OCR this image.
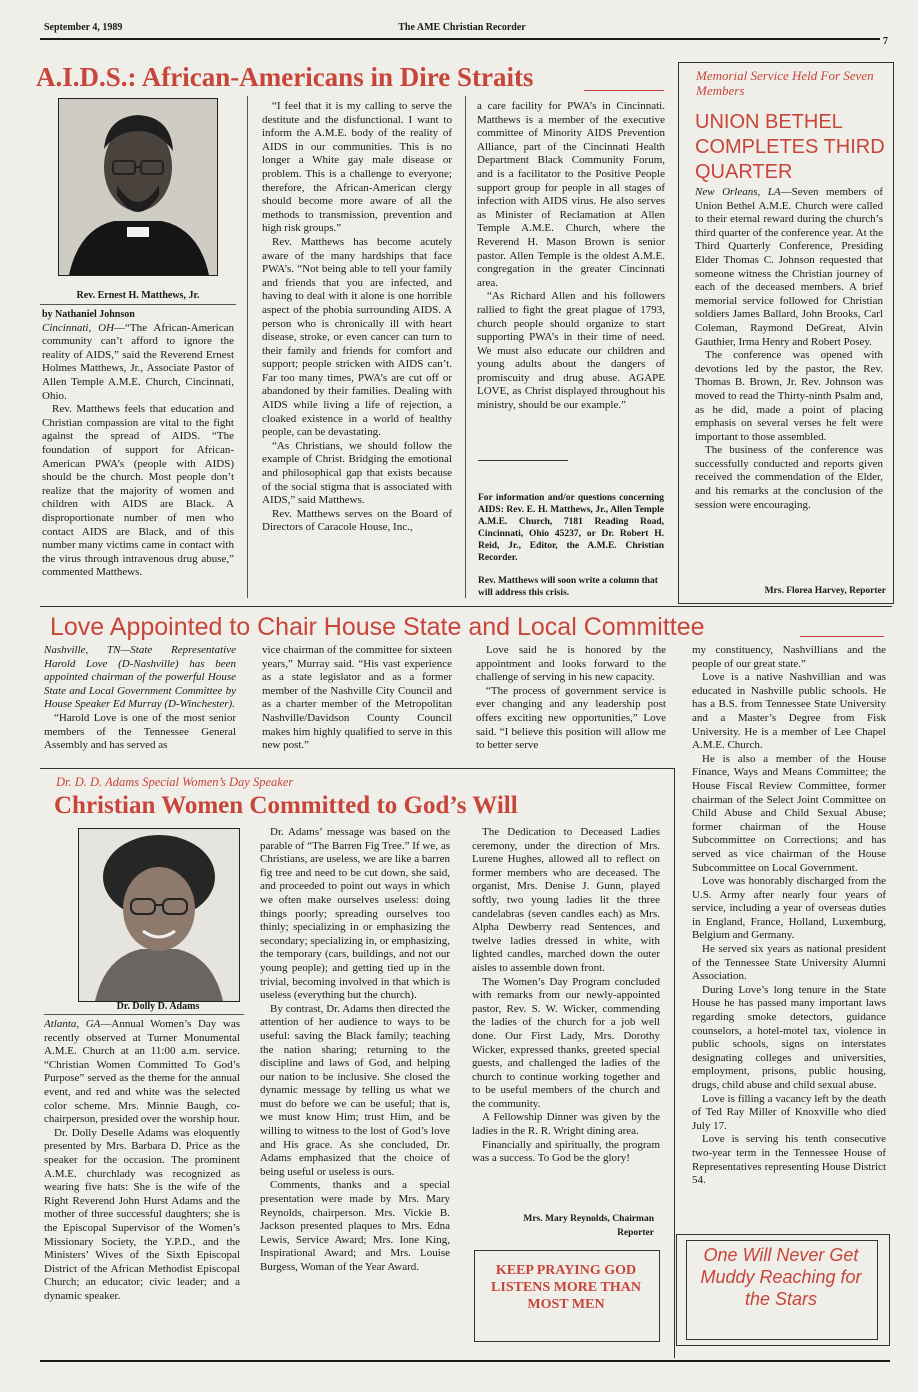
September 4, 1989	The AME Christian Recorder
7
A.I.D.S.: African-Americans in Dire Straits
Rev. Ernest H. Matthews, Jr.
by Nathaniel Johnson

Cincinnati, OH—“The African-American community can’t afford to ignore the reality of AIDS,” said the Reverend Ernest Holmes Matthews, Jr., Associate Pastor of Allen Temple A.M.E. Church, Cincinnati, Ohio.

Rev. Matthews feels that education and Christian compassion are vital to the fight against the spread of AIDS. “The foundation of support for African-American PWA’s (people with AIDS) should be the church. Most people don’t realize that the majority of women and children with AIDS are Black. A disproportionate number of men who contact AIDS are Black, and of this number many victims came in contact with the virus through intravenous drug abuse,” commented Matthews.

“I feel that it is my calling to serve the destitute and the disfunctional. I want to inform the A.M.E. body of the reality of AIDS in our communities. This is no longer a White gay male disease or problem. This is a challenge to everyone; therefore, the African-American clergy should become more aware of all the methods to transmission, prevention and high risk groups.”

Rev. Matthews has become acutely aware of the many hardships that face PWA’s. “Not being able to tell your family and friends that you are infected, and having to deal with it alone is one horrible aspect of the phobia surrounding AIDS. A person who is chronically ill with heart disease, stroke, or even cancer can turn to their family and friends for comfort and support; people stricken with AIDS can’t. Far too many times, PWA’s are cut off or abandoned by their families. Dealing with AIDS while living a life of rejection, a cloaked existence in a world of healthy people, can be devastating.

“As Christians, we should follow the example of Christ. Bridging the emotional and philosophical gap that exists because of the social stigma that is associated with AIDS,” said Matthews.

Rev. Matthews serves on the Board of Directors of Caracole House, Inc.,

a care facility for PWA’s in Cincinnati. Matthews is a member of the executive committee of Minority AIDS Prevention Alliance, part of the Cincinnati Health Department Black Community Forum, and is a facilitator to the Positive People support group for people in all stages of infection with AIDS virus. He also serves as Minister of Reclamation at Allen Temple A.M.E. Church, where the Reverend H. Mason Brown is senior pastor. Allen Temple is the oldest A.M.E. congregation in the greater Cincinnati area.

“As Richard Allen and his followers rallied to fight the great plague of 1793, church people should organize to start supporting PWA’s in their time of need. We must also educate our children and young adults about the dangers of promiscuity and drug abuse. AGAPE LOVE, as Christ displayed throughout his ministry, should be our example.”

For information and/or questions concerning AIDS: Rev. E. H. Matthews, Jr., Allen Temple A.M.E. Church, 7181 Reading Road, Cincinnati, Ohio 45237, or Dr. Robert H. Reid, Jr., Editor, the A.M.E. Christian Recorder.
Rev. Matthews will soon write a column that will address this crisis.
Memorial Service Held For Seven Members
UNION BETHEL COMPLETES THIRD QUARTER

New Orleans, LA—Seven members of Union Bethel A.M.E. Church were called to their eternal reward during the church’s third quarter of the conference year. At the Third Quarterly Conference, Presiding Elder Thomas C. Johnson requested that someone witness the Christian journey of each of the deceased members. A brief memorial service followed for Christian soldiers James Ballard, John Brooks, Carl Coleman, Raymond DeGreat, Alvin Gauthier, Irma Henry and Robert Posey.

The conference was opened with devotions led by the pastor, the Rev. Thomas B. Brown, Jr. Rev. Johnson was moved to read the Thirty-ninth Psalm and, as he did, made a point of placing emphasis on several verses he felt were important to those assembled.

The business of the conference was successfully conducted and reports given received the commendation of the Elder, and his remarks at the conclusion of the session were encouraging.

Mrs. Florea Harvey, Reporter
Love Appointed to Chair House State and Local Committee

Nashville, TN—State Representative Harold Love (D-Nashville) has been appointed chairman of the powerful House State and Local Government Committee by House Speaker Ed Murray (D-Winchester).

“Harold Love is one of the most senior members of the Tennessee General Assembly and has served as

vice chairman of the committee for sixteen years,” Murray said. “His vast experience as a state legislator and as a former member of the Nashville City Council and as a charter member of the Metropolitan Nashville/Davidson County Council makes him highly qualified to serve in this new post.”

Love said he is honored by the appointment and looks forward to the challenge of serving in his new capacity.

“The process of government service is ever changing and any leadership post offers exciting new opportunities,” Love said. “I believe this position will allow me to better serve

my constituency, Nashvillians and the people of our great state.”

Love is a native Nashvillian and was educated in Nashville public schools. He has a B.S. from Tennessee State University and a Master’s Degree from Fisk University. He is a member of Lee Chapel A.M.E. Church.

He is also a member of the House Finance, Ways and Means Committee; the House Fiscal Review Committee, former chairman of the Select Joint Committee on Child Abuse and Child Sexual Abuse; former chairman of the House Subcommittee on Corrections; and has served as vice chairman of the House Subcommittee on Local Government.

Love was honorably discharged from the U.S. Army after nearly four years of service, including a year of overseas duties in England, France, Holland, Luxemburg, Belgium and Germany.

He served six years as national president of the Tennessee State University Alumni Association.

During Love’s long tenure in the State House he has passed many important laws regarding smoke detectors, guidance counselors, a hotel-motel tax, violence in public schools, signs on interstates designating colleges and universities, employment, prisons, public housing, drugs, child abuse and child sexual abuse.

Love is filling a vacancy left by the death of Ted Ray Miller of Knoxville who died July 17.

Love is serving his tenth consecutive two-year term in the Tennessee House of Representatives representing House District 54.

Dr. D. D. Adams Special Women’s Day Speaker
Christian Women Committed to God’s Will
Dr. Dolly D. Adams

Atlanta, GA—Annual Women’s Day was recently observed at Turner Monumental A.M.E. Church at an 11:00 a.m. service. “Christian Women Committed To God’s Purpose” served as the theme for the annual event, and red and white was the selected color scheme. Mrs. Minnie Baugh, co-chairperson, presided over the worship hour.

Dr. Dolly Deselle Adams was eloquently presented by Mrs. Barbara D. Price as the speaker for the occasion. The prominent A.M.E. churchlady was recognized as wearing five hats: She is the wife of the Right Reverend John Hurst Adams and the mother of three successful daughters; she is the Episcopal Supervisor of the Women’s Missionary Society, the Y.P.D., and the Ministers’ Wives of the Sixth Episcopal District of the African Methodist Episcopal Church; an educator; civic leader; and a dynamic speaker.

Dr. Adams’ message was based on the parable of “The Barren Fig Tree.” If we, as Christians, are useless, we are like a barren fig tree and need to be cut down, she said, and proceeded to point out ways in which we often make ourselves useless: doing things poorly; spreading ourselves too thinly; specializing in or emphasizing the secondary; specializing in, or emphasizing, the temporary (cars, buildings, and not our young people); and getting tied up in the trivial, becoming involved in that which is useless (everything but the church).

By contrast, Dr. Adams then directed the attention of her audience to ways to be useful: saving the Black family; teaching the nation sharing; returning to the discipline and laws of God, and helping our nation to be inclusive. She closed the dynamic message by telling us what we must do before we can be useful; that is, we must know Him; trust Him, and be willing to witness to the lost of God’s love and His grace. As she concluded, Dr. Adams emphasized that the choice of being useful or useless is ours.

Comments, thanks and a special presentation were made by Mrs. Mary Reynolds, chairperson. Mrs. Vickie B. Jackson presented plaques to Mrs. Edna Lewis, Service Award; Mrs. Ione King, Inspirational Award; and Mrs. Louise Burgess, Woman of the Year Award.

The Dedication to Deceased Ladies ceremony, under the direction of Mrs. Lurene Hughes, allowed all to reflect on former members who are deceased. The organist, Mrs. Denise J. Gunn, played softly, two young ladies lit the three candelabras (seven candles each) as Mrs. Alpha Dewberry read Sentences, and twelve ladies dressed in white, with lighted candles, marched down the outer aisles to assemble down front.

The Women’s Day Program concluded with remarks from our newly-appointed pastor, Rev. S. W. Wicker, commending the ladies of the church for a job well done. Our First Lady, Mrs. Dorothy Wicker, expressed thanks, greeted special guests, and challenged the ladies of the church to continue working together and to be useful members of the church and the community.

A Fellowship Dinner was given by the ladies in the R. R. Wright dining area.

Financially and spiritually, the program was a success. To God be the glory!

Mrs. Mary Reynolds, Chairman
Reporter
KEEP PRAYING GOD LISTENS MORE THAN MOST MEN
One Will Never Get Muddy Reaching for the Stars
